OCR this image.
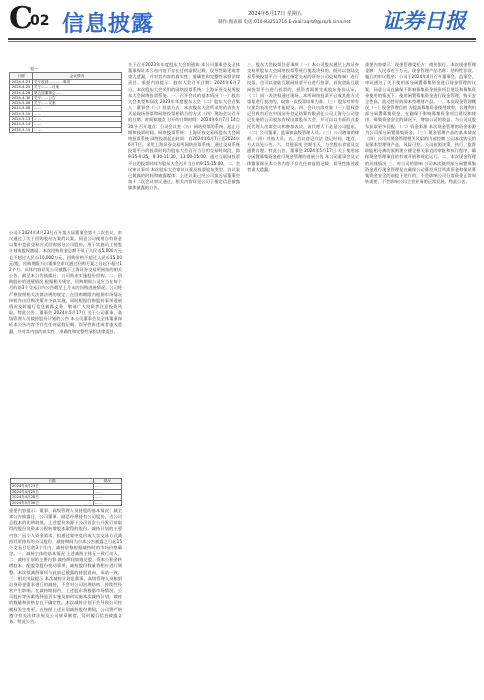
C
02 信息披露	2024年5月17日 星期五
制作:图表部 电话:010-83251716 E-mail:zqrb9@zqrb.sina.net 证券日报
表一
日期	会议情况
2024-4-23	关于收到…………事项
2024-4-25	关于………议案
2024-4-28	第五届董事会……
2024-4-30	关于……公告
2024-5-06	关于……议案
2024-5-08	……
2024-5-10	……
2024-5-13	……
2024-5-14	……
2024-5-15	……
公司于2024年4月23日召开第五届董事会第十二次会议，审议通过了关于回购股份方案的议案，同意公司使用自有资金以集中竞价交易方式回购部分公司股份，用于实施员工持股计划或股权激励。本次回购资金总额不低于人民币5,000万元且不超过人民币10,000万元，回购价格不超过人民币15.00元/股，回购期限为自董事会审议通过回购方案之日起不超过12个月。具体内容详见公司披露于上海证券交易所网站的相关公告。截至本公告披露日，公司尚未实施股份回购。二、回购股份的进展情况 根据相关规定，回购期间公司应当在每个月的前3个交易日内公告截至上月末的回购进展情况。公司将严格按照相关法律法规的规定，在回购期限内根据市场情况择机作出回购决策并予以实施，同时根据回购股份事项进展情况及时履行信息披露义务，敬请广大投资者注意投资风险。特此公告。董事会 2024年5月17日 关于公司董事、高级管理人员减持股份计划的公告 本公司董事会及全体董事保证本公告内容不存在任何虚假记载、误导性陈述或者重大遗漏，并对其内容的真实性、准确性和完整性承担法律责任。
日期	情况
2024年4月23日	……
2024年4月25日	……
2024年4月28日	……
2024年5月06日	……
重要内容提示：董事、高级管理人员持股的基本情况：截至本公告披露日，公司董事、副总经理持有公司股份，占公司总股本的比例较低，上述股份来源于公司首次公开发行前取得的股份及资本公积转增股本取得的股份。减持计划的主要内容：因个人资金需求，拟通过集中竞价或大宗交易方式减持其所持有的公司股份，减持期间为自本公告披露之日起15个交易日后的3个月内，减持价格根据减持时的市场价格确定。一、减持主体的基本情况 上述减持主体无一致行动人。二、减持计划的主要内容 减持期间如遇送股、资本公积金转增股本、配股等股份变动事项，减持股份数量将相应进行调整。本次拟减持事项与此前已披露的持股意向、承诺一致。三、相关风险提示 本次减持计划是董事、高级管理人员根据自身资金需求进行的减持，不会对公司治理结构、持续性经营产生影响。在减持期间内，上述股东将根据市场情况、公司股价等因素选择是否实施及如何实施本次减持计划，减持的数量和价格存在不确定性。本次减持计划不会导致公司控制权发生变更。在按照上述计划减持股份期间，公司将严格遵守有关法律法规及公司规章制度，及时履行信息披露义务。特此公告。
关于召开2023年年度股东大会的通知 本公司董事会及全体董事保证本公告内容不存在任何虚假记载、误导性陈述或者重大遗漏，并对其内容的真实性、准确性和完整性承担法律责任。重要内容提示：股东大会召开日期：2024年6月7日。本次股东大会采用的网络投票系统：上海证券交易所股东大会网络投票系统。一、召开会议的基本情况（一）股东大会类型和届次 2023年年度股东大会（二）股东大会召集人：董事会（三）投票方式：本次股东大会所采用的表决方式是现场投票和网络投票相结合的方式（四）现场会议召开的日期、时间和地点 召开的日期时间：2024年6月7日 14点30分 召开地点：公司会议室（五）网络投票的系统、起止日期和投票时间。网络投票系统：上海证券交易所股东大会网络投票系统 网络投票起止时间：自2024年6月7日至2024年6月7日。采用上海证券交易所网络投票系统，通过交易系统投票平台的投票时间为股东大会召开当日的交易时间段，即9:15-9:25，9:30-11:30，13:00-15:00；通过互联网投票平台的投票时间为股东大会召开当日的9:15-15:00。二、会议审议事项 本次股东大会审议议案及投票股东类型。各议案已披露的时间和披露媒体：上述议案已经公司第五届董事会第十二次会议审议通过，相关内容详见公司于指定信息披露媒体披露的公告。
三、股东大会投票注意事项（一）本公司股东通过上海证券交易所股东大会网络投票系统行使表决权的，既可以登陆交易系统投票平台（通过指定交易的证券公司交易终端）进行投票，也可以登陆互联网投票平台进行投票。首次登陆互联网投票平台进行投票的，投资者需要完成股东身份认证。（二）同一表决权通过现场、本所网络投票平台或其他方式重复进行表决的，以第一次投票结果为准。（三）股东对所有议案均表决完毕才能提交。四、会议出席对象（一）股权登记日收市后在中国证券登记结算有限责任公司上海分公司登记在册的公司股东有权出席股东大会，并可以以书面形式委托代理人出席会议和参加表决。该代理人不必是公司股东。（二）公司董事、监事和高级管理人员。（三）公司聘请的律师。（四）其他人员。五、会议登记方法 登记时间、地点、方式详见公告。六、其他事项 会期半天，与会股东食宿及交通费自理。特此公告。董事会 2024年5月17日 关于使用部分闲置募集资金进行现金管理的进展公告 本公司董事会及全体董事保证本公告内容不存在任何虚假记载、误导性陈述或者重大遗漏。
重要内容提示：现金管理受托方：商业银行。本次现金管理金额：人民币若干万元。现金管理产品名称：结构性存款。履行的审议程序：公司于2024年4月召开董事会、监事会，审议通过了关于使用部分闲置募集资金进行现金管理的议案，同意公司在确保不影响募集资金投资项目建设和募集资金使用的情况下，使用闲置募集资金进行现金管理，购买安全性高、流动性好的保本型理财产品。一、本次现金管理概况（一）现金管理目的 为提高募集资金使用效率，合理利用部分闲置募集资金，在确保不影响募集资金项目建设和使用、募集资金安全的情况下，增加公司的收益，为公司及股东获取更多回报。（二）资金来源 本次现金管理的资金来源为公司部分闲置募集资金。（三）现金管理产品的基本情况（四）公司对现金管理相关风险的内部控制 公司本次购买的是保本型理财产品，风险可控。公司按照决策、执行、监督职能相分离的原则建立健全相关事宜的审批和执行程序，确保现金管理事宜的有效开展和规范运行。二、本次现金管理的具体情况 三、对公司的影响 公司本次使用部分闲置募集资金进行现金管理是在确保公司募投项目所需资金和保证募集资金安全的前提下进行的，不会影响公司日常资金正常周转需要，不会影响公司主营业务的正常发展。特此公告。
